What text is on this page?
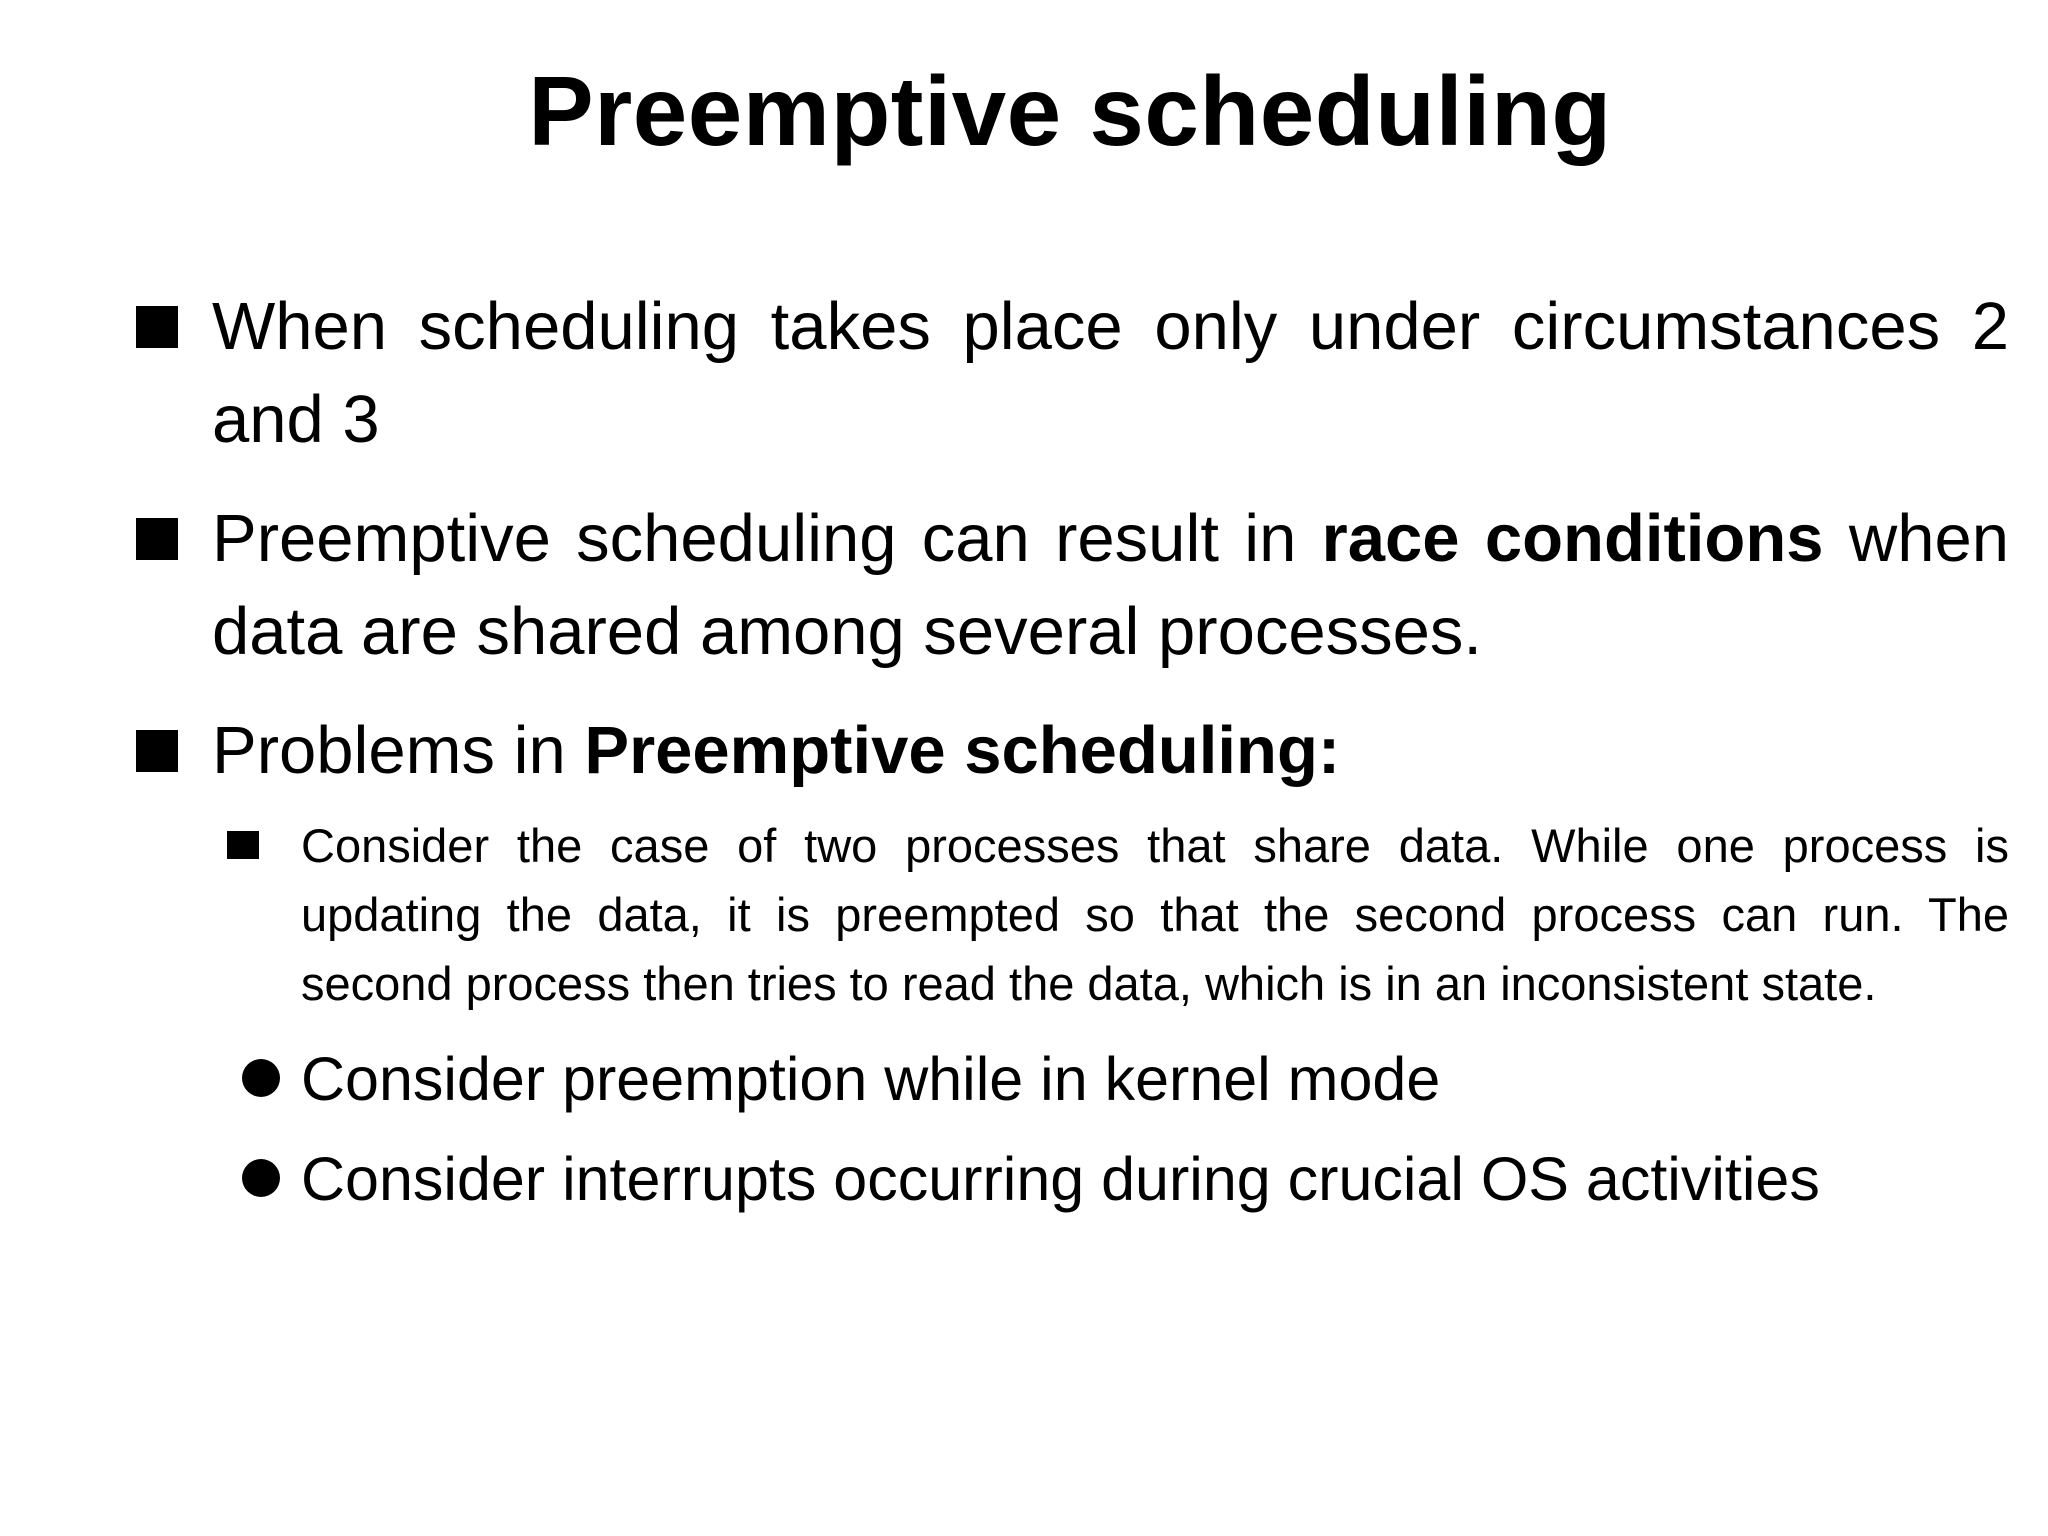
Preemptive scheduling
When scheduling takes place only under circumstances 2 and 3
Preemptive scheduling can result in race conditions when data are shared among several processes.
Problems in Preemptive scheduling:
Consider the case of two processes that share data. While one process is updating the data, it is preempted so that the second process can run. The second process then tries to read the data, which is in an inconsistent state.
Consider preemption while in kernel mode
Consider interrupts occurring during crucial OS activities
